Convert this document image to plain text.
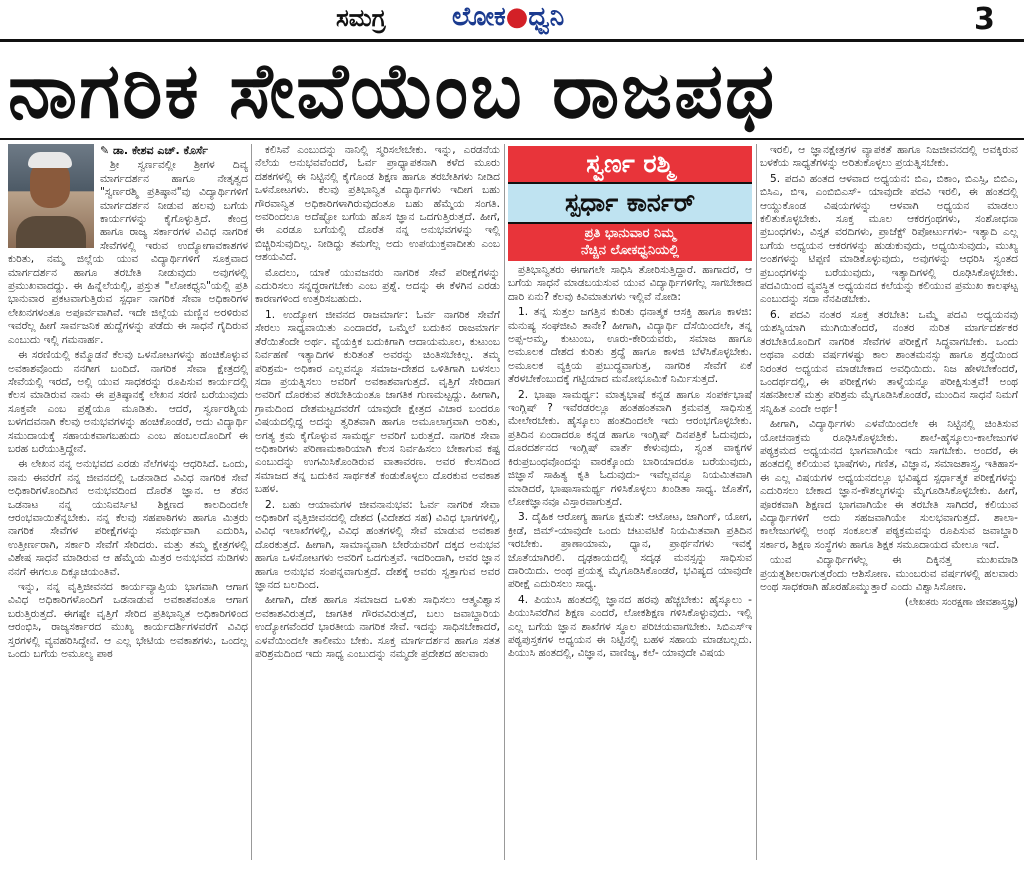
ಸಮಗ್ರ	ಲೋಕ●ಧ್ವನಿ	3
ನಾಗರಿಕ ಸೇವೆಯೆಂಬ ರಾಜಪಥ

✎ ಡಾ. ಕೇಶವ ಎಚ್. ಕೊರ್ಸೆ

ಶ್ರೀ ಸ್ವರ್ಣವಲ್ಲೀ ಶ್ರೀಗಳ ದಿವ್ಯ ಮಾರ್ಗದರ್ಶನ ಹಾಗೂ ನೇತೃತ್ವದ "ಸ್ವರ್ಣರಶ್ಮಿ ಪ್ರತಿಷ್ಠಾನ"ವು ವಿದ್ಯಾರ್ಥಿಗಳಿಗೆ ಮಾರ್ಗದರ್ಶನ ನೀಡುವ ಹಲವು ಬಗೆಯ ಕಾರ್ಯಗಳನ್ನು ಕೈಗೊಳ್ಳುತ್ತಿದೆ. ಕೇಂದ್ರ ಹಾಗೂ ರಾಜ್ಯ ಸರ್ಕಾರಗಳ ವಿವಿಧ ನಾಗರಿಕ ಸೇವೆಗಳಲ್ಲಿ ಇರುವ ಉದ್ಯೋಗಾವಕಾಶಗಳ ಕುರಿತು, ನಮ್ಮ ಜಿಲ್ಲೆಯ ಯುವ ವಿದ್ಯಾರ್ಥಿಗಳಿಗೆ ಸೂಕ್ತವಾದ ಮಾರ್ಗದರ್ಶನ ಹಾಗೂ ತರಬೇತಿ ನೀಡುವುದು ಅವುಗಳಲ್ಲಿ ಪ್ರಮುಖವಾದದ್ದು. ಈ ಹಿನ್ನೆಲೆಯಲ್ಲಿ, ಪ್ರಸ್ತುತ "ಲೋಕಧ್ವನಿ"ಯಲ್ಲಿ ಪ್ರತಿ ಭಾನುವಾರ ಪ್ರಕಟವಾಗುತ್ತಿರುವ ಸ್ಪರ್ಧಾ ನಾಗರಿಕ ಸೇವಾ ಅಧಿಕಾರಿಗಳ ಲೇಖನಗಳಂತೂ ಅಪೂರ್ವವಾಗಿವೆ. ಇದೇ ಜಿಲ್ಲೆಯ ಮಣ್ಣಿನ ಅರಳಿರುವ ಇವರೆಲ್ಲ ಹೀಗೆ ಸಾರ್ವಜನಿಕ ಹುದ್ದೆಗಳನ್ನು ಪಡೆದು ಈ ಸಾಧನೆ ಗೈದಿರುವ ಎಂಬುದು ಇಲ್ಲಿ ಗಮನಾರ್ಹ.

ಈ ಸರಣಿಯಲ್ಲಿ ಕಮ್ಮೊಡನೆ ಕೆಲವು ಒಳನೋಟಗಳನ್ನು ಹಂಚಿಕೊಳ್ಳುವ ಅವಕಾಶವೊಂದು ನನಗೀಗ ಬಂದಿದೆ. ನಾಗರಿಕ ಸೇವಾ ಕ್ಷೇತ್ರದಲ್ಲಿ ಸೇವೆಯಲ್ಲಿ ಇರದೆ, ಅಲ್ಲಿ ಯುವ ಸಾಧಕರನ್ನು ರೂಪಿಸುವ ಕಾರ್ಯದಲ್ಲಿ ಕೆಲಸ ಮಾಡಿರುವ ನಾನು ಈ ಪ್ರತಿಷ್ಠಾನಕ್ಕೆ ಲೇಖನ ಸರಣಿ ಬರೆಯುವುದು ಸೂಕ್ತವೇ ಎಂಬ ಪ್ರಶ್ನೆಯೂ ಮೂಡಿತು. ಆದರೆ, ಸ್ವರ್ಣರಶ್ಮಿಯ ಬಳಗದವನಾಗಿ ಕೆಲವು ಅನುಭವಗಳನ್ನು ಹಂಚಿಕೊಂಡರೆ, ಅದು ವಿದ್ಯಾರ್ಥಿ ಸಮುದಾಯಕ್ಕೆ ಸಹಾಯಕವಾಗಬಹುದು ಎಂಬ ಹಂಬಲದೊಂದಿಗೆ ಈ ಬರಹ ಬರೆಯುತ್ತಿದ್ದೇನೆ.

ಈ ಲೇಖನ ನನ್ನ ಅನುಭವದ ಎರಡು ನೆಲೆಗಳನ್ನು ಆಧರಿಸಿದೆ. ಒಂದು, ನಾನು ಈವರೆಗೆ ನನ್ನ ಜೀವನದಲ್ಲಿ ಒಡನಾಡಿದ ವಿವಿಧ ನಾಗರಿಕ ಸೇವೆ ಅಧಿಕಾರಿಗಳೊಂದಿಗಿನ ಅನುಭವದಿಂದ ದೊರೆತ ಜ್ಞಾನ. ಆ ತೆರನ ಒಡನಾಟ ನನ್ನ ಯುನಿವರ್ಸಿಟಿ ಶಿಕ್ಷಣದ ಕಾಲದಿಂದಲೇ ಆರಂಭವಾಯಿತೆನ್ನಬೇಕು. ನನ್ನ ಕೆಲವು ಸಹಪಾಠಿಗಳು ಹಾಗೂ ಮಿತ್ರರು ನಾಗರಿಕ ಸೇವೆಗಳ ಪರೀಕ್ಷೆಗಳನ್ನು ಸಮರ್ಥವಾಗಿ ಎದುರಿಸಿ, ಉತ್ತೀರ್ಣರಾಗಿ, ಸರ್ಕಾರಿ ಸೇವೆಗೆ ಸೇರಿದರು. ಮತ್ತು ತಮ್ಮ ಕ್ಷೇತ್ರಗಳಲ್ಲಿ ವಿಶೇಷ ಸಾಧನೆ ಮಾಡಿರುವ ಆ ಹೆಮ್ಮೆಯ ಮಿತ್ರರ ಅನುಭವದ ನುಡಿಗಳು ನನಗೆ ಈಗಲೂ ದಿಕ್ಸೂಚಿಯಂತಿವೆ.

ಇನ್ನು, ನನ್ನ ವೃತ್ತಿಜೀವನದ ಕಾರ್ಯವ್ಯಾಪ್ತಿಯ ಭಾಗವಾಗಿ ಆಗಾಗ ವಿವಿಧ ಅಧಿಕಾರಿಗಳೊಂದಿಗೆ ಒಡನಾಡುವ ಅವಕಾಶವಂತೂ ಆಗಾಗ ಬರುತ್ತಿರುತ್ತದೆ. ಈಗಷ್ಟೇ ವೃತ್ತಿಗೆ ಸೇರಿದ ಪ್ರತಿಭಾನ್ವಿತ ಅಧಿಕಾರಿಗಳಿಂದ ಆರಂಭಿಸಿ, ರಾಜ್ಯಸರ್ಕಾರದ ಮುಖ್ಯ ಕಾರ್ಯದರ್ಶಿಗಳವರೆಗೆ ವಿವಿಧ ಸ್ತರಗಳಲ್ಲಿ ವ್ಯವಹರಿಸಿದ್ದೇನೆ. ಆ ಎಲ್ಲ ಭೇಟಿಯ ಅವಕಾಶಗಳು, ಒಂದಲ್ಲ ಒಂದು ಬಗೆಯ ಅಮೂಲ್ಯ ಪಾಠ

ಕಲಿಸಿವೆ ಎಂಬುದನ್ನು ನಾನಿಲ್ಲಿ ಸ್ಮರಿಸಲೇಬೇಕು. ಇನ್ನು, ಎರಡನೆಯ ನೆಲೆಯ ಅನುಭವವೆಂದರೆ, ಓರ್ವ ಪ್ರಾಧ್ಯಾಪಕನಾಗಿ ಕಳೆದ ಮೂರು ದಶಕಗಳಲ್ಲಿ ಈ ನಿಟ್ಟಿನಲ್ಲಿ ಕೈಗೊಂಡ ಶಿಕ್ಷಣ ಹಾಗೂ ತರಬೇತಿಗಳು ನೀಡಿದ ಒಳನೋಟಗಳು. ಕೆಲವು ಪ್ರತಿಭಾನ್ವಿತ ವಿದ್ಯಾರ್ಥಿಗಳು ಇದೀಗ ಬಹು ಗೌರವಾನ್ವಿತ ಅಧಿಕಾರಿಗಳಾಗಿರುವುದಂತೂ ಬಹು ಹೆಮ್ಮೆಯ ಸಂಗತಿ. ಅವರಿಂದಲೂ ಅದೆಷ್ಟೋ ಬಗೆಯ ಹೊಸ ಜ್ಞಾನ ಒದಗುತ್ತಿರುತ್ತದೆ. ಹೀಗೆ, ಈ ಎರಡೂ ಬಗೆಯಲ್ಲಿ ದೊರೆತ ನನ್ನ ಅನುಭವಗಳನ್ನು ಇಲ್ಲಿ ಬಿಚ್ಚಿರಿಸುವುದಿಲ್ಲ. ನೀಡಿದ್ದು ತಮಗೆಲ್ಲ ಅದು ಉಪಯುಕ್ತವಾದೀತು ಎಂಬ ಆಶಯವಿದೆ.

ಮೊದಲು, ಯಾಕೆ ಯುವಜನರು ನಾಗರಿಕ ಸೇವೆ ಪರೀಕ್ಷೆಗಳನ್ನು ಎದುರಿಸಲು ಸನ್ನದ್ಧರಾಗಬೇಕು ಎಂಬ ಪ್ರಶ್ನೆ. ಅದನ್ನು ಈ ಕೆಳಗಿನ ಎರಡು ಕಾರಣಗಳಿಂದ ಉತ್ತರಿಸಬಹುದು.

1. ಉದ್ಯೋಗ ಜೀವನದ ರಾಜಮಾರ್ಗ: ಓರ್ವ ನಾಗರಿಕ ಸೇವೆಗೆ ಸೇರಲು ಸಾಧ್ಯವಾಯಿತು ಎಂದಾದರೆ, ಒಮ್ಮೆಲೆ ಬದುಕಿನ ರಾಜಮಾರ್ಗ ತೆರೆಯಿತೆಂದೇ ಅರ್ಥ. ವ್ಯೆಯಕ್ತಿಕ ಬದುಕಿಗಾಗಿ ಆದಾಯಮೂಲ, ಕುಟುಂಬ ನಿರ್ವಹಣೆ ಇತ್ಯಾದಿಗಳ ಕುರಿತಂತೆ ಅವರನ್ನು ಚಿಂತಿಸಬೇಕಿಲ್ಲ. ತಮ್ಮ ಪರಿಶ್ರಮ- ಅಧಿಕಾರ ಎಲ್ಲವನ್ನೂ ಸಮಾಜ-ದೇಶದ ಒಳಿತಿಗಾಗಿ ಬಳಸಲು ಸದಾ ಪ್ರಯತ್ನಿಸಲು ಅವರಿಗೆ ಅವಕಾಶವಾಗುತ್ತದೆ. ವೃತ್ತಿಗೆ ಸೇರಿದಾಗ ಅವರಿಗೆ ದೊರಕುವ ತರಬೇತಿಯಂತೂ ಜಾಗತಿಕ ಗುಣಮಟ್ಟದ್ದು. ಹೀಗಾಗಿ, ಗ್ರಾಮದಿಂದ ದೇಶಮಟ್ಟದವರೆಗೆ ಯಾವುದೇ ಕ್ಷೇತ್ರದ ವಿಚಾರ ಬಂದರೂ ವಿಷಯದಲ್ಲಿದ್ದ ಅದನ್ನು ತ್ವರಿತವಾಗಿ ಹಾಗೂ ಅಮೂಲಾಗ್ರವಾಗಿ ಅರಿತು, ಅಗತ್ಯ ಕ್ರಮ ಕೈಗೊಳ್ಳುವ ಸಾಮರ್ಥ್ಯ ಅವರಿಗೆ ಬರುತ್ತದೆ. ನಾಗರಿಕ ಸೇವಾ ಅಧಿಕಾರಿಗಳು ಪರಿಣಾಮಕಾರಿಯಾಗಿ ಕೆಲಸ ನಿರ್ವಹಿಸಲು ಬೇಕಾಗುವ ಕಷ್ಟ ಎಂಬುದನ್ನು ಉಗಮಿಸಿಕೊಂಡಿರುವ ವಾತಾವರಣ. ಅವರ ಕೆಲಸದಿಂದ ಸಮಾಜದ ತನ್ನ ಬದುಕಿನ ಸಾರ್ಥಕತೆ ಕಂಡುಕೊಳ್ಳಲು ದೊರಕುವ ಅವಕಾಶ ಬಹಳ.

2. ಬಹು ಆಯಾಮಗಳ ಜೀವನಾನುಭವ: ಓರ್ವ ನಾಗರಿಕ ಸೇವಾ ಅಧಿಕಾರಿಗೆ ವೃತ್ತಿಜೀವನದಲ್ಲಿ ದೇಶದ (ವಿದೇಶದ ಸಹ) ವಿವಿಧ ಭಾಗಗಳಲ್ಲಿ, ವಿವಿಧ ಇಲಾಖೆಗಳಲ್ಲಿ, ವಿವಿಧ ಹಂತಗಳಲ್ಲಿ ಸೇವೆ ಮಾಡುವ ಅವಕಾಶ ದೊರಕುತ್ತದೆ. ಹೀಗಾಗಿ, ಸಾಮಾನ್ಯವಾಗಿ ಬೇರೆಯವರಿಗೆ ದಕ್ಕದ ಅನುಭವ ಹಾಗೂ ಒಳನೋಟಗಳು ಅವರಿಗೆ ಒದಗುತ್ತವೆ. ಇದರಿಂದಾಗಿ, ಅವರ ಜ್ಞಾನ ಹಾಗೂ ಅನುಭವ ಸಂಪನ್ನವಾಗುತ್ತದೆ. ದೇಶಕ್ಕೆ ಅವರು ಸ್ವತ್ತಾಗುವ ಅವರ ಜ್ಞಾನದ ಬಲದಿಂದ.

ಹೀಗಾಗಿ, ದೇಶ ಹಾಗೂ ಸಮಾಜದ ಒಳಿತು ಸಾಧಿಸಲು ಆತ್ಮವಿಶ್ವಾಸ ಅವಕಾಶವಿರುತ್ತದೆ, ಜಾಗತಿಕ ಗೌರವವಿರುತ್ತದೆ, ಬಲು ಜವಾಬ್ದಾರಿಯ ಉದ್ಯೋಗವೆಂದರೆ ಭಾರತೀಯ ನಾಗರಿಕ ಸೇವೆ. ಇದನ್ನು ಸಾಧಿಸಬೇಕಾದರೆ, ಎಳವೆಯಿಂದಲೇ ತಾಲೀಮು ಬೇಕು. ಸೂಕ್ತ ಮಾರ್ಗದರ್ಶನ ಹಾಗೂ ಸತತ ಪರಿಶ್ರಮದಿಂದ ಇದು ಸಾಧ್ಯ ಎಂಬುದನ್ನು ನಮ್ಮದೇ ಪ್ರದೇಶದ ಹಲವಾರು

ಸ್ವರ್ಣ ರಶ್ಮಿ
ಸ್ಪರ್ಧಾ ಕಾರ್ನರ್
ಪ್ರತಿ ಭಾನುವಾರ ನಿಮ್ಮ
ನೆಚ್ಚಿನ ಲೋಕಧ್ವನಿಯಲ್ಲಿ

ಪ್ರತಿಭಾನ್ವಿತರು ಈಗಾಗಲೇ ಸಾಧಿಸಿ ತೋರಿಸುತ್ತಿದ್ದಾರೆ. ಹಾಗಾದರೆ, ಆ ಬಗೆಯ ಸಾಧನೆ ಮಾಡಬಯಸುವ ಯುವ ವಿದ್ಯಾರ್ಥಿಗಳಿಗೆಲ್ಲ ಸಾಗಬೇಕಾದ ದಾರಿ ಏನು? ಕೆಲವು ಕಿವಿಮಾತುಗಳು ಇಲ್ಲಿವೆ ನೋಡಿ:

1. ತನ್ನ ಸುತ್ತಲ ಜಗತ್ತಿನ ಕುರಿತು ಧನಾತ್ಮಕ ಆಸಕ್ತಿ ಹಾಗೂ ಕಾಳಜಿ: ಮನುಷ್ಯ ಸಂಘಜೀವಿ ತಾನೇ? ಹೀಗಾಗಿ, ವಿದ್ಯಾರ್ಥಿ ದೆಸೆಯಿಂದಲೇ, ತನ್ನ ಅಪ್ಪ-ಅಮ್ಮ, ಕುಟುಂಬ, ಊರು-ಕೇರಿಯವರು, ಸಮಾಜ ಹಾಗೂ ಅಮೂಲಕ ದೇಶದ ಕುರಿತು ಶ್ರದ್ಧೆ ಹಾಗೂ ಕಾಳಜಿ ಬೆಳೆಸಿಕೊಳ್ಳಬೇಕು. ಅಮೂಲಕ ವ್ಯಕ್ತಿಯ ಪ್ರಬುದ್ಧವಾಗುತ್ತ, ನಾಗರಿಕ ಸೇವೆಗೆ ಏಕೆ ತೆರಳಬೇಕೆಂಬುದಕ್ಕೆ ಗಟ್ಟಿಯಾದ ಮನೋಭೂಮಿಕೆ ನಿರ್ಮಿಸುತ್ತದೆ.

2. ಭಾಷಾ ಸಾಮರ್ಥ್ಯ: ಮಾತೃಭಾಷೆ ಕನ್ನಡ ಹಾಗೂ ಸಂಪರ್ಕಭಾಷೆ ಇಂಗ್ಲಿಷ್ ? ಇವೆರಡರಲ್ಲೂ ಹಂತಹಂತವಾಗಿ ಕ್ರಮವತ್ತ ಸಾಧಿಸುತ್ತ ಮೇಲೇರಬೇಕು. ಹೈಸ್ಕೂಲು ಹಂತದಿಂದಲೇ ಇದು ಆರಂಭಗೊಳ್ಳಬೇಕು. ಪ್ರತಿದಿನ ಏಂದಾದರೂ ಕನ್ನಡ ಹಾಗೂ ಇಂಗ್ಲಿಷ್ ದಿನಪತ್ರಿಕೆ ಓದುವುದು, ದೂರದರ್ಶನದ ಇಂಗ್ಲಿಷ್ ವಾರ್ತೆ ಕೇಳುವುದು, ಸ್ವಂತ ವಾಕ್ಯಗಳ ಕಿರುಪ್ರಬಂಧವೊಂದನ್ನು ವಾರಕ್ಕೊಂದು ಬಾರಿಯಾದರೂ ಬರೆಯುವುದು, ಜಿಜ್ಞಾಸೆ ಸಾಹಿತ್ಯ ಕೃತಿ ಓದುವುದು- ಇವೆಲ್ಲವನ್ನೂ ನಿಯಮಿತವಾಗಿ ಮಾಡಿದರೆ, ಭಾಷಾಸಾಮರ್ಥ್ಯ ಗಳಿಸಿಕೊಳ್ಳಲು ಖಂಡಿತಾ ಸಾಧ್ಯ. ಜೊತೆಗೆ, ಲೋಕಜ್ಞಾನವೂ ವಿಸ್ತಾರವಾಗುತ್ತದೆ.

3. ದೈಹಿಕ ಆರೋಗ್ಯ ಹಾಗೂ ಕ್ಷಮತೆ: ಆಟೋಟ, ಜಾಗಿಂಗ್, ಯೋಗ, ಕ್ರೀಡೆ, ಜಿಮ್-ಯಾವುದೇ ಒಂದು ಚಟುವಟಿಕೆ ನಿಯಮಿತವಾಗಿ ಪ್ರತಿದಿನ ಇರಬೇಕು. ಪ್ರಾಣಾಯಾಮ, ಧ್ಯಾನ, ಪ್ರಾರ್ಥನೆಗಳು ಇವಕ್ಕೆ ಜೊತೆಯಾಗಿರಲಿ. ದೃಢಕಾಯದಲ್ಲಿ ಸದೃಢ ಮನಸ್ಸನ್ನು ಸಾಧಿಸುವ ದಾರಿಯಿದು. ಅಂಥ ಪ್ರಯತ್ನ ಮೈಗೂಡಿಸಿಕೊಂಡರೆ, ಭವಿಷ್ಯದ ಯಾವುದೇ ಪರೀಕ್ಷೆ ಎದುರಿಸಲು ಸಾಧ್ಯ.

4. ಪಿಯುಸಿ ಹಂತದಲ್ಲಿ ಜ್ಞಾನದ ಹರವು ಹೆಚ್ಚಬೇಕು: ಹೈಸ್ಕೂಲು - ಪಿಯುಸಿವರೆಗಿನ ಶಿಕ್ಷಣ ಎಂದರೆ, ಲೋಕಶಿಕ್ಷಣ ಗಳಿಸಿಕೊಳ್ಳುವುದು. ಇಲ್ಲಿ ಎಲ್ಲ ಬಗೆಯ ಜ್ಞಾನ ಶಾಖೆಗಳ ಸ್ಥೂಲ ಪರಿಚಯವಾಗಬೇಕು. ಸಿಬಿಎಸ್ಇ ಪಠ್ಯಪುಸ್ತಕಗಳ ಅಧ್ಯಯನ ಈ ನಿಟ್ಟಿನಲ್ಲಿ ಬಹಳ ಸಹಾಯ ಮಾಡಬಲ್ಲದು. ಪಿಯುಸಿ ಹಂತದಲ್ಲಿ, ವಿಜ್ಞಾನ, ವಾಣಿಜ್ಯ, ಕಲೆ- ಯಾವುದೇ ವಿಷಯ

ಇರಲಿ, ಆ ಜ್ಞಾನಕ್ಷೇತ್ರಗಳ ವ್ಯಾಪಕತೆ ಹಾಗೂ ನಿಜಜೀವನದಲ್ಲಿ ಅವಕ್ಕಿರುವ ಬಳಕೆಯ ಸಾಧ್ಯತೆಗಳನ್ನು ಅರಿತುಕೊಳ್ಳಲು ಪ್ರಯತ್ನಿಸಬೇಕು.

5. ಪದವಿ ಹಂತದ ಆಳವಾದ ಅಧ್ಯಯನ: ಬಿಎ, ಬಿಕಾಂ, ಬಿಎಸ್ಸಿ, ಬಿಬಿಎ, ಬಿಸಿಎ, ಬಿಇ, ಎಂಬಿಬಿಎಸ್- ಯಾವುದೇ ಪದವಿ ಇರಲಿ, ಈ ಹಂತದಲ್ಲಿ ಆಯ್ದುಕೊಂಡ ವಿಷಯಗಳನ್ನು ಆಳವಾಗಿ ಅಧ್ಯಯನ ಮಾಡಲು ಕಲಿತುಕೊಳ್ಳಬೇಕು. ಸೂಕ್ತ ಮೂಲ ಆಕರಗ್ರಂಥಗಳು, ಸಂಶೋಧನಾ ಪ್ರಬಂಧಗಳು, ವಿಸ್ತೃತ ವರದಿಗಳು, ಪ್ರಾಜೆಕ್ಟ್ ರಿಪೋರ್ಟುಗಳು- ಇತ್ಯಾದಿ ಎಲ್ಲ ಬಗೆಯ ಅಧ್ಯಯನ ಆಕರಗಳನ್ನು ಹುಡುಕುವುದು, ಅಧ್ಯಯಿಸುವುದು, ಮುಖ್ಯ ಅಂಶಗಳನ್ನು ಟಿಪ್ಪಣಿ ಮಾಡಿಕೊಳ್ಳುವುದು, ಅವುಗಳನ್ನು ಆಧರಿಸಿ ಸ್ವಂತದ ಪ್ರಬಂಧಗಳನ್ನು ಬರೆಯುವುದು, ಇತ್ಯಾದಿಗಳಲ್ಲಿ ರೂಢಿಸಿಕೊಳ್ಳಬೇಕು. ಪದವಿಯಿಂದ ವ್ಯವಸ್ಥಿತ ಅಧ್ಯಯನದ ಕಲೆಯನ್ನು ಕಲಿಯುವ ಪ್ರಮುಖ ಕಾಲಘಟ್ಟ ಎಂಬುದನ್ನು ಸದಾ ನೆನಪಿಡಬೇಕು.

6. ಪದವಿ ನಂತರ ಸೂಕ್ತ ತರಬೇತಿ: ಒಮ್ಮೆ ಪದವಿ ಅಧ್ಯಯನವು ಯಶಸ್ವಿಯಾಗಿ ಮುಗಿಯಿತೆಂದರೆ, ನಂತರ ನುರಿತ ಮಾರ್ಗದರ್ಶಕರ ತರಬೇತಿಯೊಂದಿಗೆ ನಾಗರಿಕ ಸೇವೆಗಳ ಪರೀಕ್ಷೆಗೆ ಸಿದ್ಧವಾಗಬೇಕು. ಒಂದು ಅಥವಾ ಎರಡು ವರ್ಷಗಳಷ್ಟು ಕಾಲ ಶಾಂತಮನಸ್ಸು ಹಾಗೂ ಶ್ರದ್ಧೆಯಿಂದ ನಿರಂತರ ಅಧ್ಯಯನ ಮಾಡಬೇಕಾದ ಅವಧಿಯಿದು. ನಿಜ ಹೇಳಬೇಕೆಂದರೆ, ಒಂದರ್ಥದಲ್ಲಿ, ಈ ಪರೀಕ್ಷೆಗಳು ತಾಳ್ಮೆಯನ್ನೂ ಪರೀಕ್ಷಿಸುತ್ತವೆ! ಅಂಥ ಸಹನಶೀಲತೆ ಮತ್ತು ಪರಿಶ್ರಮ ಮೈಗೂಡಿಸಿಕೊಂಡರೆ, ಮುಂದಿನ ಸಾಧನೆ ನಿಮಗೆ ಸನ್ನಿಹಿತ ಎಂದೇ ಅರ್ಥ!

ಹೀಗಾಗಿ, ವಿದ್ಯಾರ್ಥಿಗಳು ಎಳವೆಯಿಂದಲೇ ಈ ನಿಟ್ಟಿನಲ್ಲಿ ಚಿಂತಿಸುವ ಯೋಚನಾಕ್ರಮ ರೂಢಿಸಿಕೊಳ್ಳಬೇಕು. ಶಾಲೆ-ಹೈಸ್ಕೂಲು-ಕಾಲೇಜುಗಳ ಪಠ್ಯಕ್ರಮದ ಅಧ್ಯಯನದ ಭಾಗವಾಗಿಯೇ ಇದು ಸಾಗಬೇಕು. ಅಂದರೆ, ಈ ಹಂತದಲ್ಲಿ ಕಲಿಯುವ ಭಾಷೆಗಳು, ಗಣಿತ, ವಿಜ್ಞಾನ, ಸಮಾಜಶಾಸ್ತ್ರ, ಇತಿಹಾಸ- ಈ ಎಲ್ಲ ವಿಷಯಗಳ ಅಧ್ಯಯನದಲ್ಲೂ ಭವಿಷ್ಯದ ಸ್ಪರ್ಧಾತ್ಮಕ ಪರೀಕ್ಷೆಗಳನ್ನು ಎದುರಿಸಲು ಬೇಕಾದ ಜ್ಞಾನ-ಕೌಶಲ್ಯಗಳನ್ನು ಮೈಗೂಡಿಸಿಕೊಳ್ಳಬೇಕು. ಹೀಗೆ, ಪೂರಕವಾಗಿ ಶಿಕ್ಷಣದ ಭಾಗವಾಗಿಯೇ ಈ ತರಬೇತಿ ಸಾಗಿದರೆ, ಕಲಿಯುವ ವಿದ್ಯಾರ್ಥಿಗಳಿಗೆ ಅದು ಸಹಜವಾಗಿಯೇ ಸುಲಭವಾಗುತ್ತದೆ. ಶಾಲಾ-ಕಾಲೇಜುಗಳಲ್ಲಿ ಅಂಥ ಸಂಕೂಲತೆ ಪಠ್ಯಕ್ರಮವನ್ನು ರೂಪಿಸುವ ಜವಾಬ್ದಾರಿ ಸರ್ಕಾರ, ಶಿಕ್ಷಣ ಸಂಸ್ಥೆಗಳು ಹಾಗೂ ಶಿಕ್ಷಕ ಸಮೂದಾಯದ ಮೇಲೂ ಇದೆ.

ಯುವ ವಿದ್ಯಾರ್ಥಿಗಳೆಲ್ಲ ಈ ದಿಕ್ಕಿನತ್ತ ಮುಖಮಾಡಿ ಪ್ರಯತ್ನಶೀಲರಾಗುತ್ತರೆಂದು ಆಶಿಸೋಣ. ಮುಂಬರುವ ವರ್ಷಗಳಲ್ಲಿ ಹಲವಾರು ಅಂಥ ಸಾಧಕರಾಗಿ ಹೊರಹೊಮ್ಮುತ್ತಾರೆ ಎಂದು ವಿಶ್ವಾಸಿಸೋಣ.

(ಲೇಖಕರು ಸಂರಕ್ಷಣಾ ಜೀವಶಾಸ್ತ್ರಜ್ಞ)
